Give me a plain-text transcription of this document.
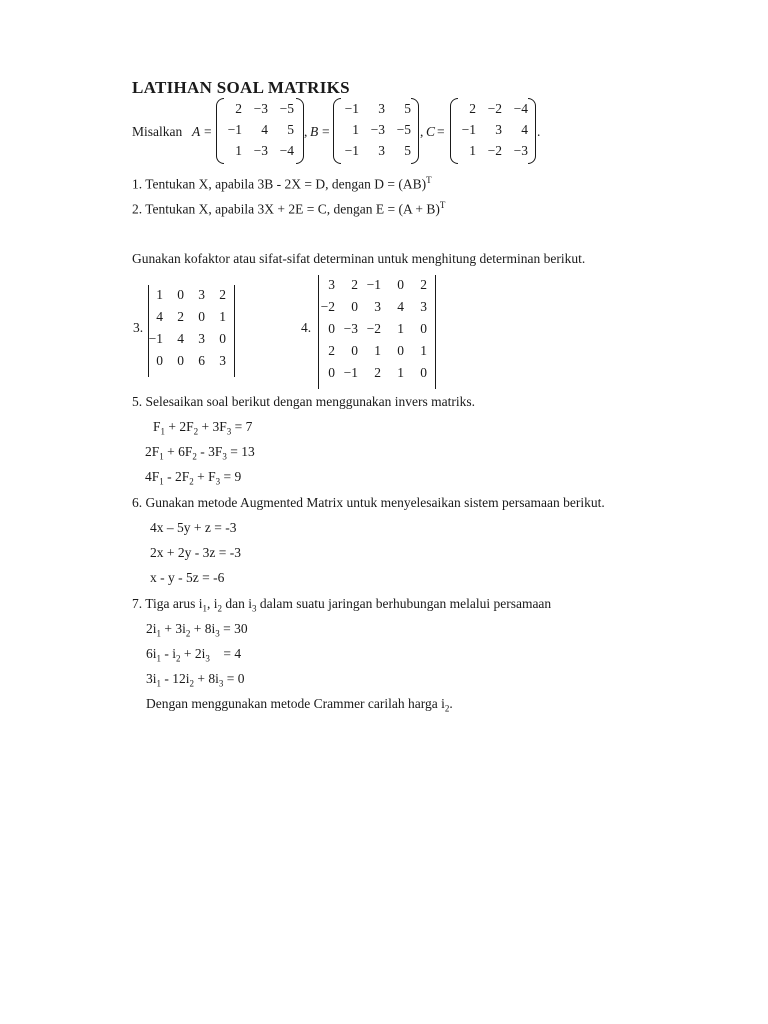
LATIHAN SOAL MATRIKS
Misalkan A =
2 −3 −5
−1	4	5
1 −3 −4
, B =
−1	3	5
1 −3 −5
−1	3	5
, C =
2 −2 −4
−1	3	4
1 −2 −3
.
1. Tentukan X, apabila 3B - 2X = D, dengan D = (AB)$^T$
2. Tentukan X, apabila 3X + 2E = C, dengan $E = (A + B)^T$
Gunakan kofaktor atau sifat-sifat determinan untuk menghitung determinan berikut.
3.
1	0	3	2
4	2	0	1
−1	4	3	0
0	0	6	3
4.
3	2 −1	0	2
−2	0	3	4	3
0 −3 −2	1	0
2	0	1	0	1
0 −1	2	1	0
5. Selesaikan soal berikut dengan menggunakan invers matriks.
$F_1 + 2F_2 + 3F_3 = 7$
$2F_1 + 6F_2 - 3F_3 = 13$
$4F_1 - 2F_2 + F_3 = 9$
6. Gunakan metode Augmented Matrix untuk menyelesaikan sistem persamaan berikut.
4x – 5y + z = -3
2x + 2y - 3z = -3
x - y - 5z = -6
7. Tiga arus $i_1$, $i_2$ dan $i_3$ dalam suatu jaringan berhubungan melalui persamaan
$2i_1 + 3i_2 + 8i_3 = 30$
$6i_1 - i_2 + 2i_3$    = 4
$3i_1 - 12i_2 + 8i_3 = 0$
Dengan menggunakan metode Crammer carilah harga $i_2$.
